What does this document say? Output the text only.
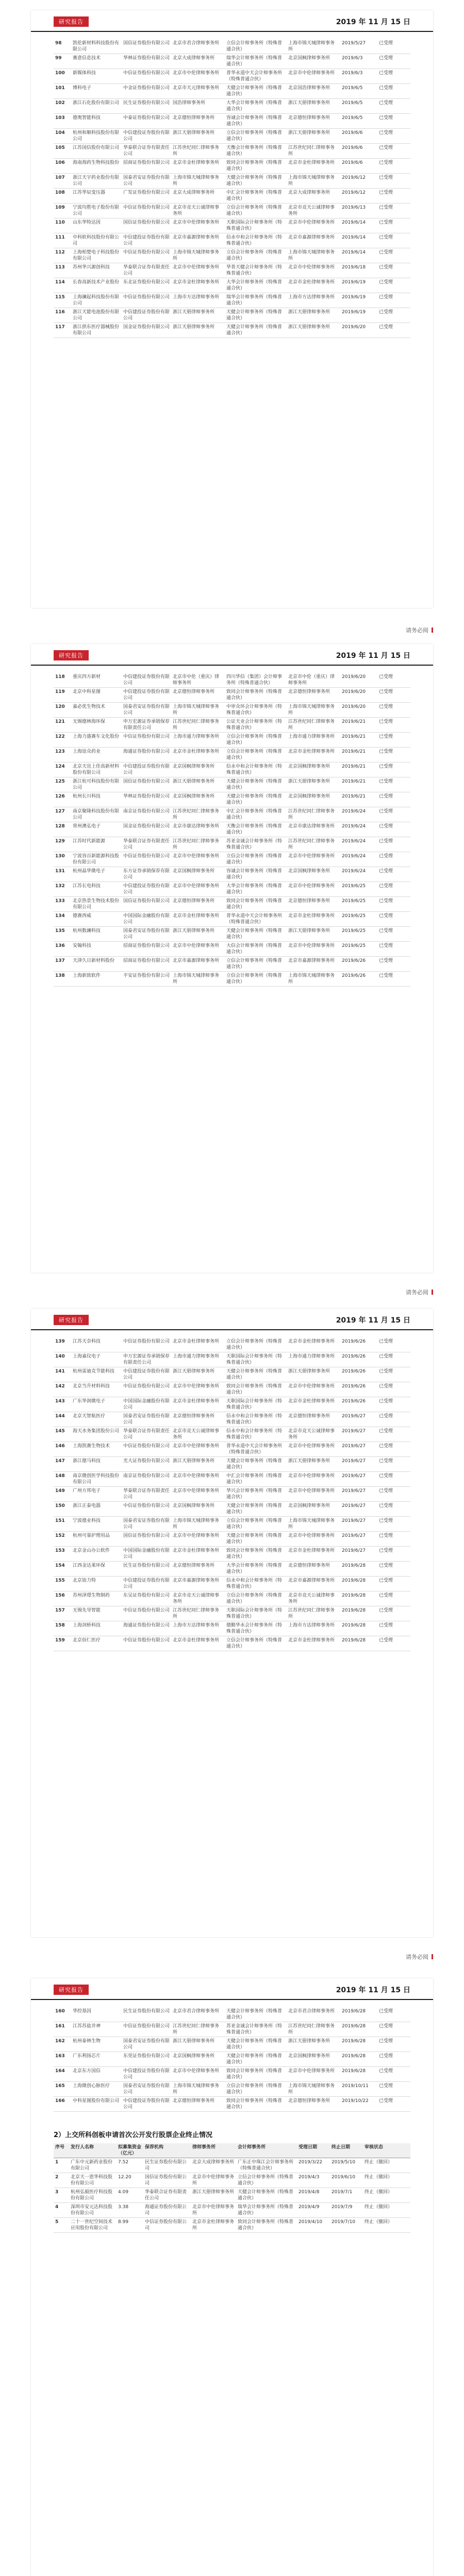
研究报告	2019 年 11 月 15 日
98	凯伦新材料科技股份有限公司	国信证券股份有限公司	北京市君合律师事务所	立信会计师事务所（特殊普通合伙）	上海市锦天城律师事务所	2019/5/27	已受理
99	赛意信息技术	华林证券股份有限公司	北京大成律师事务所	瑞华会计师事务所（特殊普通合伙）	北京国枫律师事务所	2019/6/3	已受理
100	新媒体科技	中信证券股份有限公司	北京市中伦律师事务所	普华永道中天会计师事务所（特殊普通合伙）	北京市中伦律师事务所	2019/6/3	已受理
101	博科电子	中金证券股份有限公司	北京市天元律师事务所	天健会计师事务所（特殊普通合伙）	北京国浩律师事务所	2019/6/5	已受理
102	浙江石化股份有限公司	民生证券股份有限公司	国浩律师事务所	大华会计师事务所（特殊普通合伙）	浙江天册律师事务所	2019/6/5	已受理
103	德奥智能科技	中泰证券股份有限公司	北京德恒律师事务所	容诚会计师事务所（特殊普通合伙）	北京德恒律师事务所	2019/6/5	已受理
104	杭州和顺科技股份有限公司	中信建投证券股份有限公司	浙江天册律师事务所	立信会计师事务所（特殊普通合伙）	浙江天册律师事务所	2019/6/6	已受理
105	江苏国信股份有限公司	华泰联合证券有限责任公司	江苏世纪同仁律师事务所	天衡会计师事务所（特殊普通合伙）	江苏世纪同仁律师事务所	2019/6/6	已受理
106	海南海药生物科技股份	招商证券股份有限公司	北京市金杜律师事务所	致同会计师事务所（特殊普通合伙）	北京市金杜律师事务所	2019/6/6	已受理
107	浙江天宇药业股份有限公司	国泰君安证券股份有限公司	上海市锦天城律师事务所	天健会计师事务所（特殊普通合伙）	上海市锦天城律师事务所	2019/6/12	已受理
108	江苏华辰变压器	广发证券股份有限公司	北京大成律师事务所	中汇会计师事务所（特殊普通合伙）	北京大成律师事务所	2019/6/12	已受理
109	宁波均胜电子股份有限公司	中信证券股份有限公司	北京市竞天公诚律师事务所	立信会计师事务所（特殊普通合伙）	北京市竞天公诚律师事务所	2019/6/13	已受理
110	山东华特达因	国信证券股份有限公司	北京市中伦律师事务所	天职国际会计师事务所（特殊普通合伙）	北京市中伦律师事务所	2019/6/14	已受理
111	中科软科技股份有限公司	中信建投证券股份有限公司	北京市嘉源律师事务所	信永中和会计师事务所（特殊普通合伙）	北京市嘉源律师事务所	2019/6/14	已受理
112	上海柏楚电子科技股份有限公司	中信证券股份有限公司	上海市锦天城律师事务所	立信会计师事务所（特殊普通合伙）	上海市锦天城律师事务所	2019/6/14	已受理
113	苏州华兴源创科技	华泰联合证券有限责任公司	北京市中伦律师事务所	华普天健会计师事务所（特殊普通合伙）	北京市中伦律师事务所	2019/6/18	已受理
114	长春高新技术产业股份	东北证券股份有限公司	北京市金杜律师事务所	大华会计师事务所（特殊普通合伙）	北京市金杜律师事务所	2019/6/19	已受理
115	上海澜起科技股份有限公司	中信证券股份有限公司	上海市方达律师事务所	瑞华会计师事务所（特殊普通合伙）	上海市方达律师事务所	2019/6/19	已受理
116	浙江天能电池股份有限公司	中信建投证券股份有限公司	浙江天册律师事务所	天健会计师事务所（特殊普通合伙）	浙江天册律师事务所	2019/6/19	已受理
117	浙江拱东医疗器械股份有限公司	国金证券股份有限公司	浙江天册律师事务所	天健会计师事务所（特殊普通合伙）	浙江天册律师事务所	2019/6/20	已受理
请务必阅
研究报告	2019 年 11 月 15 日
118	重庆四方新材	中信建投证券股份有限公司	北京市中伦（重庆）律师事务所	四川华信（集团）会计师事务所（特殊普通合伙）	北京市中伦（重庆）律师事务所	2019/6/20	已受理
119	北京中科星图	中信建投证券股份有限公司	北京德恒律师事务所	致同会计师事务所（特殊普通合伙）	北京德恒律师事务所	2019/6/20	已受理
120	嘉必优生物技术	国泰君安证券股份有限公司	上海市锦天城律师事务所	中审众环会计师事务所（特殊普通合伙）	上海市锦天城律师事务所	2019/6/20	已受理
121	无锡德林海环保	申万宏源证券承销保荐有限责任公司	江苏世纪同仁律师事务所	公证天业会计师事务所（特殊普通合伙）	江苏世纪同仁律师事务所	2019/6/21	已受理
122	上海力盛赛车文化股份	中信证券股份有限公司	上海市通力律师事务所	立信会计师事务所（特殊普通合伙）	上海市通力律师事务所	2019/6/21	已受理
123	上海谊众药业	海通证券股份有限公司	北京市金杜律师事务所	立信会计师事务所（特殊普通合伙）	北京市金杜律师事务所	2019/6/21	已受理
124	北京天宜上佳高新材料股份有限公司	中信建投证券股份有限公司	北京国枫律师事务所	信永中和会计师事务所（特殊普通合伙）	北京国枫律师事务所	2019/6/21	已受理
125	浙江杭可科技股份有限公司	国信证券股份有限公司	浙江天册律师事务所	天健会计师事务所（特殊普通合伙）	浙江天册律师事务所	2019/6/21	已受理
126	杭州长川科技	华林证券股份有限公司	北京国枫律师事务所	天健会计师事务所（特殊普通合伙）	北京国枫律师事务所	2019/6/21	已受理
127	南京聚隆科技股份有限公司	南京证券股份有限公司	江苏世纪同仁律师事务所	中汇会计师事务所（特殊普通合伙）	江苏世纪同仁律师事务所	2019/6/24	已受理
128	常州澳弘电子	国金证券股份有限公司	北京市康达律师事务所	天衡会计师事务所（特殊普通合伙）	北京市康达律师事务所	2019/6/24	已受理
129	江苏时代新能源	华泰联合证券有限责任公司	江苏世纪同仁律师事务所	苏亚金诚会计师事务所（特殊普通合伙）	江苏世纪同仁律师事务所	2019/6/24	已受理
130	宁波容百新能源科技股份有限公司	中信证券股份有限公司	北京市中伦律师事务所	立信会计师事务所（特殊普通合伙）	北京市中伦律师事务所	2019/6/24	已受理
131	杭州晶华微电子	东方证券承销保荐有限公司	北京国枫律师事务所	容诚会计师事务所（特殊普通合伙）	北京国枫律师事务所	2019/6/24	已受理
132	江苏长电科技	中信建投证券股份有限公司	北京市中伦律师事务所	大华会计师事务所（特殊普通合伙）	北京市中伦律师事务所	2019/6/25	已受理
133	北京热景生物技术股份有限公司	国信证券股份有限公司	北京德恒律师事务所	致同会计师事务所（特殊普通合伙）	北京德恒律师事务所	2019/6/25	已受理
134	德赛西威	中国国际金融股份有限公司	北京市金杜律师事务所	普华永道中天会计师事务所（特殊普通合伙）	北京市金杜律师事务所	2019/6/25	已受理
135	杭州数澜科技	国泰君安证券股份有限公司	浙江天册律师事务所	天健会计师事务所（特殊普通合伙）	浙江天册律师事务所	2019/6/25	已受理
136	安翰科技	招商证券股份有限公司	北京市中伦律师事务所	大信会计师事务所（特殊普通合伙）	北京市中伦律师事务所	2019/6/25	已受理
137	天津久日新材料股份	招商证券股份有限公司	北京市嘉源律师事务所	立信会计师事务所（特殊普通合伙）	北京市嘉源律师事务所	2019/6/26	已受理
138	上海新致软件	平安证券股份有限公司	上海市锦天城律师事务所	立信会计师事务所（特殊普通合伙）	上海市锦天城律师事务所	2019/6/26	已受理
请务必阅
研究报告	2019 年 11 月 15 日
139	江苏天奈科技	中信证券股份有限公司	北京市金杜律师事务所	立信会计师事务所（特殊普通合伙）	北京市金杜律师事务所	2019/6/26	已受理
140	上海嘉仪电子	申万宏源证券承销保荐有限责任公司	上海市通力律师事务所	天职国际会计师事务所（特殊普通合伙）	上海市通力律师事务所	2019/6/26	已受理
141	杭州雷迪克节能科技	中信建投证券股份有限公司	浙江天册律师事务所	天健会计师事务所（特殊普通合伙）	浙江天册律师事务所	2019/6/26	已受理
142	北京当升材料科技	中信证券股份有限公司	北京市中伦律师事务所	致同会计师事务所（特殊普通合伙）	北京市中伦律师事务所	2019/6/26	已受理
143	广东华润微电子	中国国际金融股份有限公司	北京市金杜律师事务所	天职国际会计师事务所（特殊普通合伙）	北京市金杜律师事务所	2019/6/26	已受理
144	北京天智航医疗	国泰君安证券股份有限公司	北京德恒律师事务所	信永中和会计师事务所（特殊普通合伙）	北京德恒律师事务所	2019/6/27	已受理
145	海天水务集团股份公司	华泰联合证券有限责任公司	北京市竞天公诚律师事务所	信永中和会计师事务所（特殊普通合伙）	北京市竞天公诚律师事务所	2019/6/27	已受理
146	上海凯赛生物技术	中信证券股份有限公司	北京市中伦律师事务所	普华永道中天会计师事务所（特殊普通合伙）	北京市中伦律师事务所	2019/6/27	已受理
147	浙江德马科技	光大证券股份有限公司	浙江天册律师事务所	天健会计师事务所（特殊普通合伙）	浙江天册律师事务所	2019/6/27	已受理
148	南京微创医学科技股份有限公司	南京证券股份有限公司	北京市中伦律师事务所	中汇会计师事务所（特殊普通合伙）	北京市中伦律师事务所	2019/6/27	已受理
149	广州方邦电子	华泰联合证券有限责任公司	北京市中伦律师事务所	华兴会计师事务所（特殊普通合伙）	北京市中伦律师事务所	2019/6/27	已受理
150	浙江正泰电器	中信证券股份有限公司	北京国枫律师事务所	天健会计师事务所（特殊普通合伙）	北京国枫律师事务所	2019/6/27	已受理
151	宁波德业科技	国泰君安证券股份有限公司	上海市锦天城律师事务所	立信会计师事务所（特殊普通合伙）	上海市锦天城律师事务所	2019/6/27	已受理
152	杭州可靠护理用品	国信证券股份有限公司	北京市中伦律师事务所	天健会计师事务所（特殊普通合伙）	北京市中伦律师事务所	2019/6/27	已受理
153	北京金山办公软件	中国国际金融股份有限公司	北京市金杜律师事务所	致同会计师事务所（特殊普通合伙）	北京市金杜律师事务所	2019/6/27	已受理
154	江西金达莱环保	民生证券股份有限公司	北京德恒律师事务所	大华会计师事务所（特殊普通合伙）	北京德恒律师事务所	2019/6/28	已受理
155	北京铂力特	中信建投证券股份有限公司	北京市嘉源律师事务所	信永中和会计师事务所（特殊普通合伙）	北京市嘉源律师事务所	2019/6/28	已受理
156	苏州泽璟生物制药	东吴证券股份有限公司	北京市竞天公诚律师事务所	立信会计师事务所（特殊普通合伙）	北京市竞天公诚律师事务所	2019/6/28	已受理
157	无锡先导智能	中信证券股份有限公司	江苏世纪同仁律师事务所	天职国际会计师事务所（特殊普通合伙）	江苏世纪同仁律师事务所	2019/6/28	已受理
158	上海剑桥科技	海通证券股份有限公司	上海市方达律师事务所	德勤华永会计师事务所（特殊普通合伙）	上海市方达律师事务所	2019/6/28	已受理
159	北京佰仁医疗	中信证券股份有限公司	北京市金杜律师事务所	立信会计师事务所（特殊普通合伙）	北京市金杜律师事务所	2019/6/28	已受理
请务必阅
研究报告	2019 年 11 月 15 日
160	华控基因	民生证券股份有限公司	北京市君合律师事务所	天健会计师事务所（特殊普通合伙）	北京市君合律师事务所	2019/6/28	已受理
161	江苏苏盐井神	中信证券股份有限公司	江苏世纪同仁律师事务所	苏亚金诚会计师事务所（特殊普通合伙）	江苏世纪同仁律师事务所	2019/6/28	已受理
162	杭州泰林生物	国泰君安证券股份有限公司	浙江天册律师事务所	天健会计师事务所（特殊普通合伙）	浙江天册律师事务所	2019/6/28	已受理
163	广东利扬芯片	东莞证券股份有限公司	北京国枫律师事务所	天健会计师事务所（特殊普通合伙）	北京国枫律师事务所	2019/6/28	已受理
164	北京东方国信	中信建投证券股份有限公司	北京市中伦律师事务所	致同会计师事务所（特殊普通合伙）	北京市中伦律师事务所	2019/6/28	已受理
165	上海微创心脉医疗	国泰君安证券股份有限公司	上海市锦天城律师事务所	立信会计师事务所（特殊普通合伙）	上海市锦天城律师事务所	2019/10/11	已受理
166	中科星图股份有限公司	中信建投证券股份有限公司	北京德恒律师事务所	致同会计师事务所（特殊普通合伙）	北京德恒律师事务所	2019/10/22	已受理
2）上交所科创板申请首次公开发行股票企业终止情况
序号	发行人名称	拟募集资金（亿元）	保荐机构	律师事务所	会计师事务所	受理日期	终止日期	审核状态
1	广东中元新药业股份有限公司	7.52	民生证券股份有限公司	北京大成律师事务所	广东正中珠江会计师事务所（特殊普通合伙）	2019/3/22	2019/5/10	终止（撤回）
2	北京天一恩华科技股份有限公司	12.20	国信证券股份有限公司	北京市中伦律师事务所	立信会计师事务所（特殊普通合伙）	2019/4/3	2019/6/10	终止（撤回）
3	杭州弘毅医疗科技股份有限公司	4.09	华泰联合证券有限责任公司	浙江天册律师事务所	天健会计师事务所（特殊普通合伙）	2019/4/8	2019/7/1	终止（撤回）
4	深圳市安元达科技股份有限公司	3.38	海通证券股份有限公司	北京市中伦律师事务所	瑞华会计师事务所（特殊普通合伙）	2019/4/9	2019/7/9	终止（撤回）
5	二十一世纪空间技术应用股份有限公司	8.99	中信证券股份有限公司	北京市金杜律师事务所	致同会计师事务所（特殊普通合伙）	2019/4/10	2019/7/10	终止（撤回）
